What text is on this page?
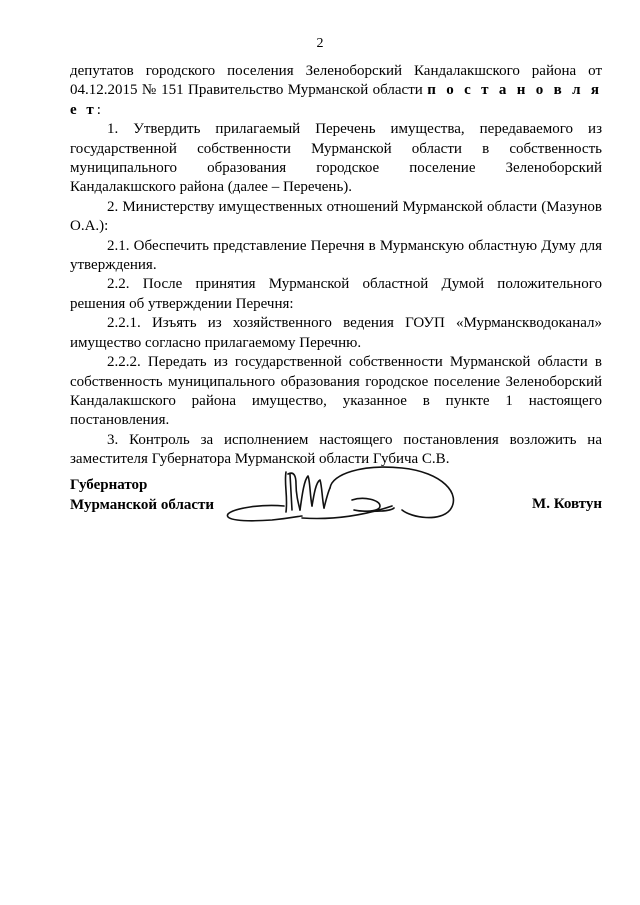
2

депутатов городского поселения Зеленоборский Кандалакшского района от 04.12.2015 № 151 Правительство Мурманской области п о с т а н о в л я е т:

1. Утвердить прилагаемый Перечень имущества, передаваемого из государственной собственности Мурманской области в собственность муниципального образования городское поселение Зеленоборский Кандалакшского района (далее – Перечень).

2. Министерству имущественных отношений Мурманской области (Мазунов О.А.):

2.1. Обеспечить представление Перечня в Мурманскую областную Думу для утверждения.

2.2. После принятия Мурманской областной Думой положительного решения об утверждении Перечня:

2.2.1. Изъять из хозяйственного ведения ГОУП «Мурманскводоканал» имущество согласно прилагаемому Перечню.

2.2.2. Передать из государственной собственности Мурманской области в собственность муниципального образования городское поселение Зеленоборский Кандалакшского района имущество, указанное в пункте 1 настоящего постановления.

3. Контроль за исполнением настоящего постановления возложить на заместителя Губернатора Мурманской области Губича С.В.

Губернатор
Мурманской области	М. Ковтун
